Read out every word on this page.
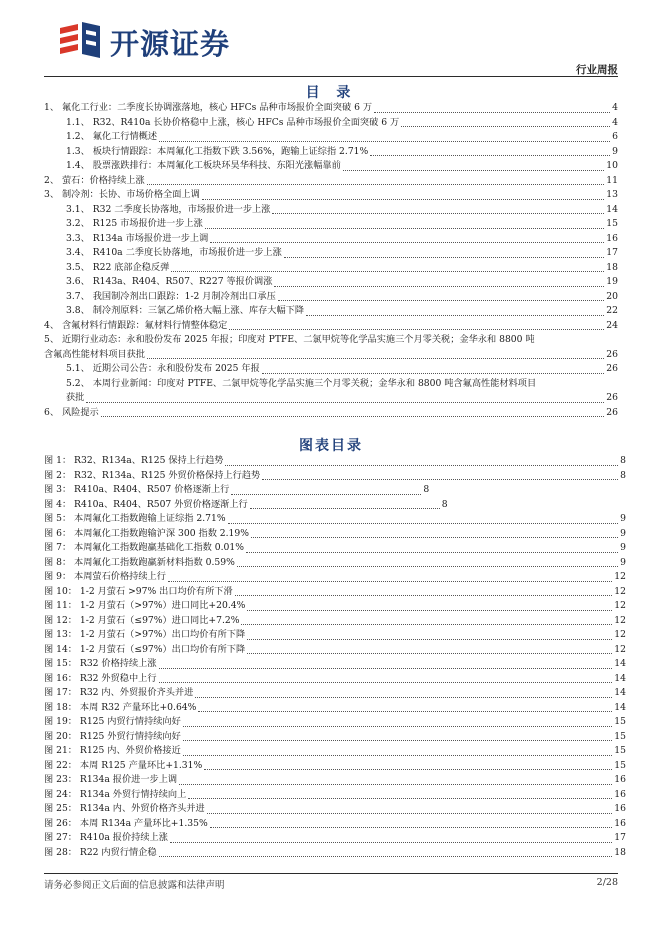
开源证券
行业周报
目 录
1、 氟化工行业：二季度长协调涨落地，核心 HFCs 品种市场报价全面突破 6 万	4
1.1、 R32、R410a 长协价格稳中上涨，核心 HFCs 品种市场报价全面突破 6 万	4
1.2、 氟化工行情概述	6
1.3、 板块行情跟踪：本周氟化工指数下跌 3.56%，跑输上证综指 2.71%	9
1.4、 股票涨跌排行：本周氟化工板块环昊华科技、东阳光涨幅靠前	10
2、 萤石：价格持续上涨	11
3、 制冷剂：长协、市场价格全面上调	13
3.1、 R32 二季度长协落地，市场报价进一步上涨	14
3.2、 R125 市场报价进一步上涨	15
3.3、 R134a 市场报价进一步上调	16
3.4、 R410a 二季度长协落地，市场报价进一步上涨	17
3.5、 R22 底部企稳反弹	18
3.6、 R143a、R404、R507、R227 等报价调涨	19
3.7、 我国制冷剂出口跟踪：1-2 月制冷剂出口承压	20
3.8、 制冷剂原料：三氯乙烯价格大幅上涨、库存大幅下降	22
4、 含氟材料行情跟踪：氟材料行情整体稳定	24
5、 近期行业动态：永和股份发布 2025 年报；印度对 PTFE、二氯甲烷等化学品实施三个月零关税；金华永和 8800 吨
含氟高性能材料项目获批	26
5.1、 近期公司公告：永和股份发布 2025 年报	26
5.2、 本周行业新闻：印度对 PTFE、二氯甲烷等化学品实施三个月零关税；金华永和 8800 吨含氟高性能材料项目
获批	26
6、 风险提示	26
图表目录
图 1： R32、R134a、R125 保持上行趋势	8
图 2： R32、R134a、R125 外贸价格保持上行趋势	8
图 3： R410a、R404、R507 价格逐渐上行	8
图 4： R410a、R404、R507 外贸价格逐渐上行	8
图 5： 本周氟化工指数跑输上证综指 2.71%	9
图 6： 本周氟化工指数跑输沪深 300 指数 2.19%	9
图 7： 本周氟化工指数跑赢基础化工指数 0.01%	9
图 8： 本周氟化工指数跑赢新材料指数 0.59%	9
图 9： 本周萤石价格持续上行	12
图 10： 1-2 月萤石 >97% 出口均价有所下滑	12
图 11： 1-2 月萤石（>97%）进口同比+20.4%	12
图 12： 1-2 月萤石（≤97%）进口同比+7.2%	12
图 13： 1-2 月萤石（>97%）出口均价有所下降	12
图 14： 1-2 月萤石（≤97%）出口均价有所下降	12
图 15： R32 价格持续上涨	14
图 16： R32 外贸稳中上行	14
图 17： R32 内、外贸报价齐头并进	14
图 18： 本周 R32 产量环比+0.64%	14
图 19： R125 内贸行情持续向好	15
图 20： R125 外贸行情持续向好	15
图 21： R125 内、外贸价格接近	15
图 22： 本周 R125 产量环比+1.31%	15
图 23： R134a 报价进一步上调	16
图 24： R134a 外贸行情持续向上	16
图 25： R134a 内、外贸价格齐头并进	16
图 26： 本周 R134a 产量环比+1.35%	16
图 27： R410a 报价持续上涨	17
图 28： R22 内贸行情企稳	18
请务必参阅正文后面的信息披露和法律声明	2/28
